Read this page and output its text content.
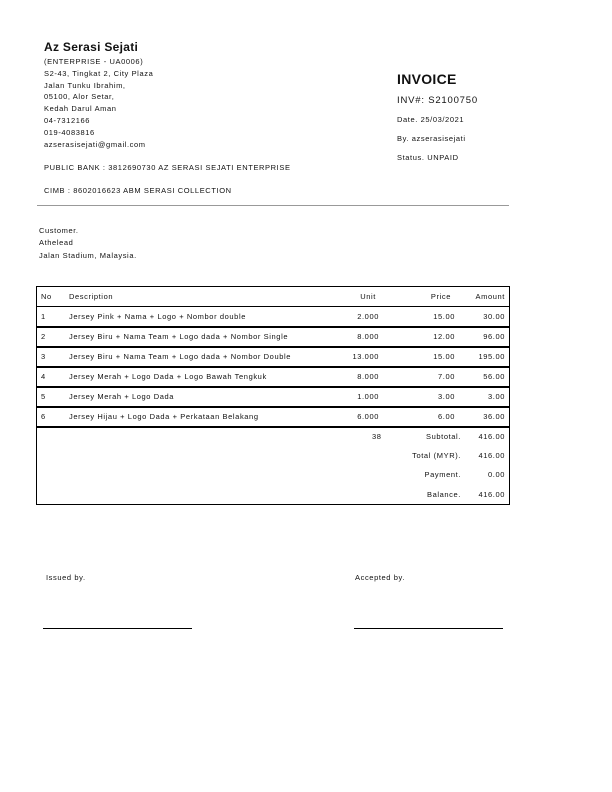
Az Serasi Sejati
(ENTERPRISE - UA0006)
S2-43, Tingkat 2, City Plaza
Jalan Tunku Ibrahim,
05100, Alor Setar,
Kedah Darul Aman
04-7312166
019-4083816
azserasisejati@gmail.com
PUBLIC BANK : 3812690730 AZ SERASI SEJATI ENTERPRISE
CIMB : 8602016623 ABM SERASI COLLECTION
INVOICE
INV#: S2100750
Date. 25/03/2021
By. azserasisejati
Status. UNPAID
Customer.
Athelead
Jalan Stadium, Malaysia.
No	Description	Unit	Price	Amount
1	Jersey Pink + Nama + Logo + Nombor double	2.000	15.00	30.00
2	Jersey Biru + Nama Team + Logo dada + Nombor Single	8.000	12.00	96.00
3	Jersey Biru + Nama Team + Logo dada + Nombor Double	13.000	15.00	195.00
4	Jersey Merah + Logo Dada + Logo Bawah Tengkuk	8.000	7.00	56.00
5	Jersey Merah + Logo Dada	1.000	3.00	3.00
6	Jersey Hijau + Logo Dada + Perkataan Belakang	6.000	6.00	36.00
38	Subtotal. 416.00
Total (MYR). 416.00
Payment.	0.00
Balance. 416.00
Issued by.	Accepted by.
